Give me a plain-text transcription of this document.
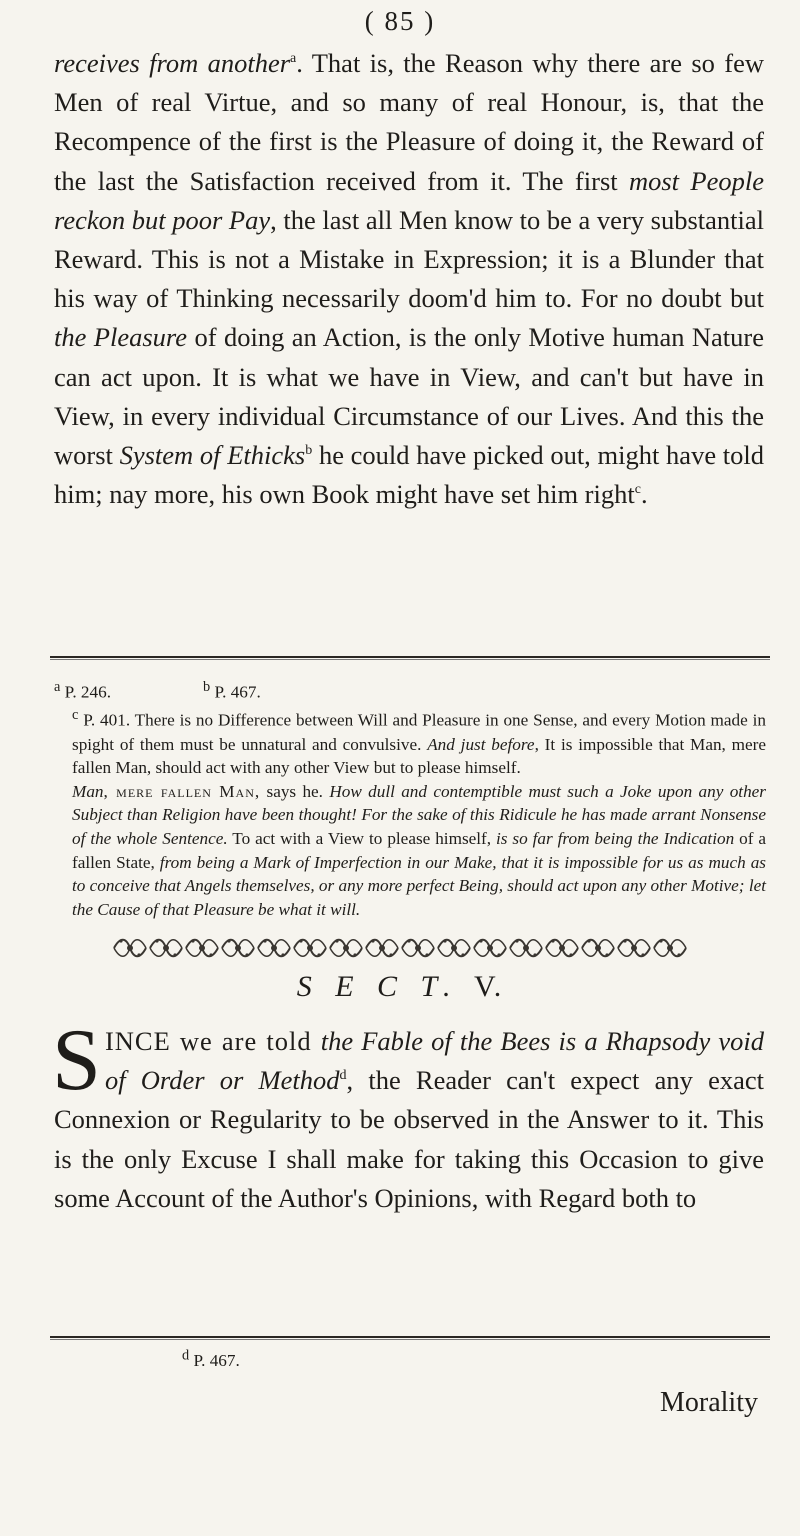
( 85 )

receives from another$^a$. That is, the Reason why there are so few Men of real Virtue, and so many of real Honour, is, that the Recompence of the first is the Pleasure of doing it, the Reward of the last the Satisfaction received from it. The first most People reckon but poor Pay, the last all Men know to be a very substantial Reward. This is not a Mistake in Expression; it is a Blunder that his way of Thinking necessarily doom'd him to. For no doubt but the Pleasure of doing an Action, is the only Motive human Nature can act upon. It is what we have in View, and can't but have in View, in every individual Circumstance of our Lives. And this the worst System of Ethicks$^b$ he could have picked out, might have told him; nay more, his own Book might have set him right$^c$.

$^a$ P. 246.	$^b$ P. 467.

$^c$ P. 401. There is no Difference between Will and Pleasure in one Sense, and every Motion made in spight of them must be unnatural and convulsive. And just before, It is impossible that Man, mere fallen Man, should act with any other View but to please himself.

Man, mere fallen Man, says he. How dull and contemptible must such a Joke upon any other Subject than Religion have been thought! For the sake of this Ridicule he has made arrant Nonsense of the whole Sentence. To act with a View to please himself, is so far from being the Indication of a fallen State, from being a Mark of Imperfection in our Make, that it is impossible for us as much as to conceive that Angels themselves, or any more perfect Being, should act upon any other Motive; let the Cause of that Pleasure be what it will.

S E C T. V.

SINCE we are told the Fable of the Bees is a Rhapsody void of Order or Method$^d$, the Reader can't expect any exact Connexion or Regularity to be observed in the Answer to it. This is the only Excuse I shall make for taking this Occasion to give some Account of the Author's Opinions, with Regard both to

$^d$ P. 467.

Morality
